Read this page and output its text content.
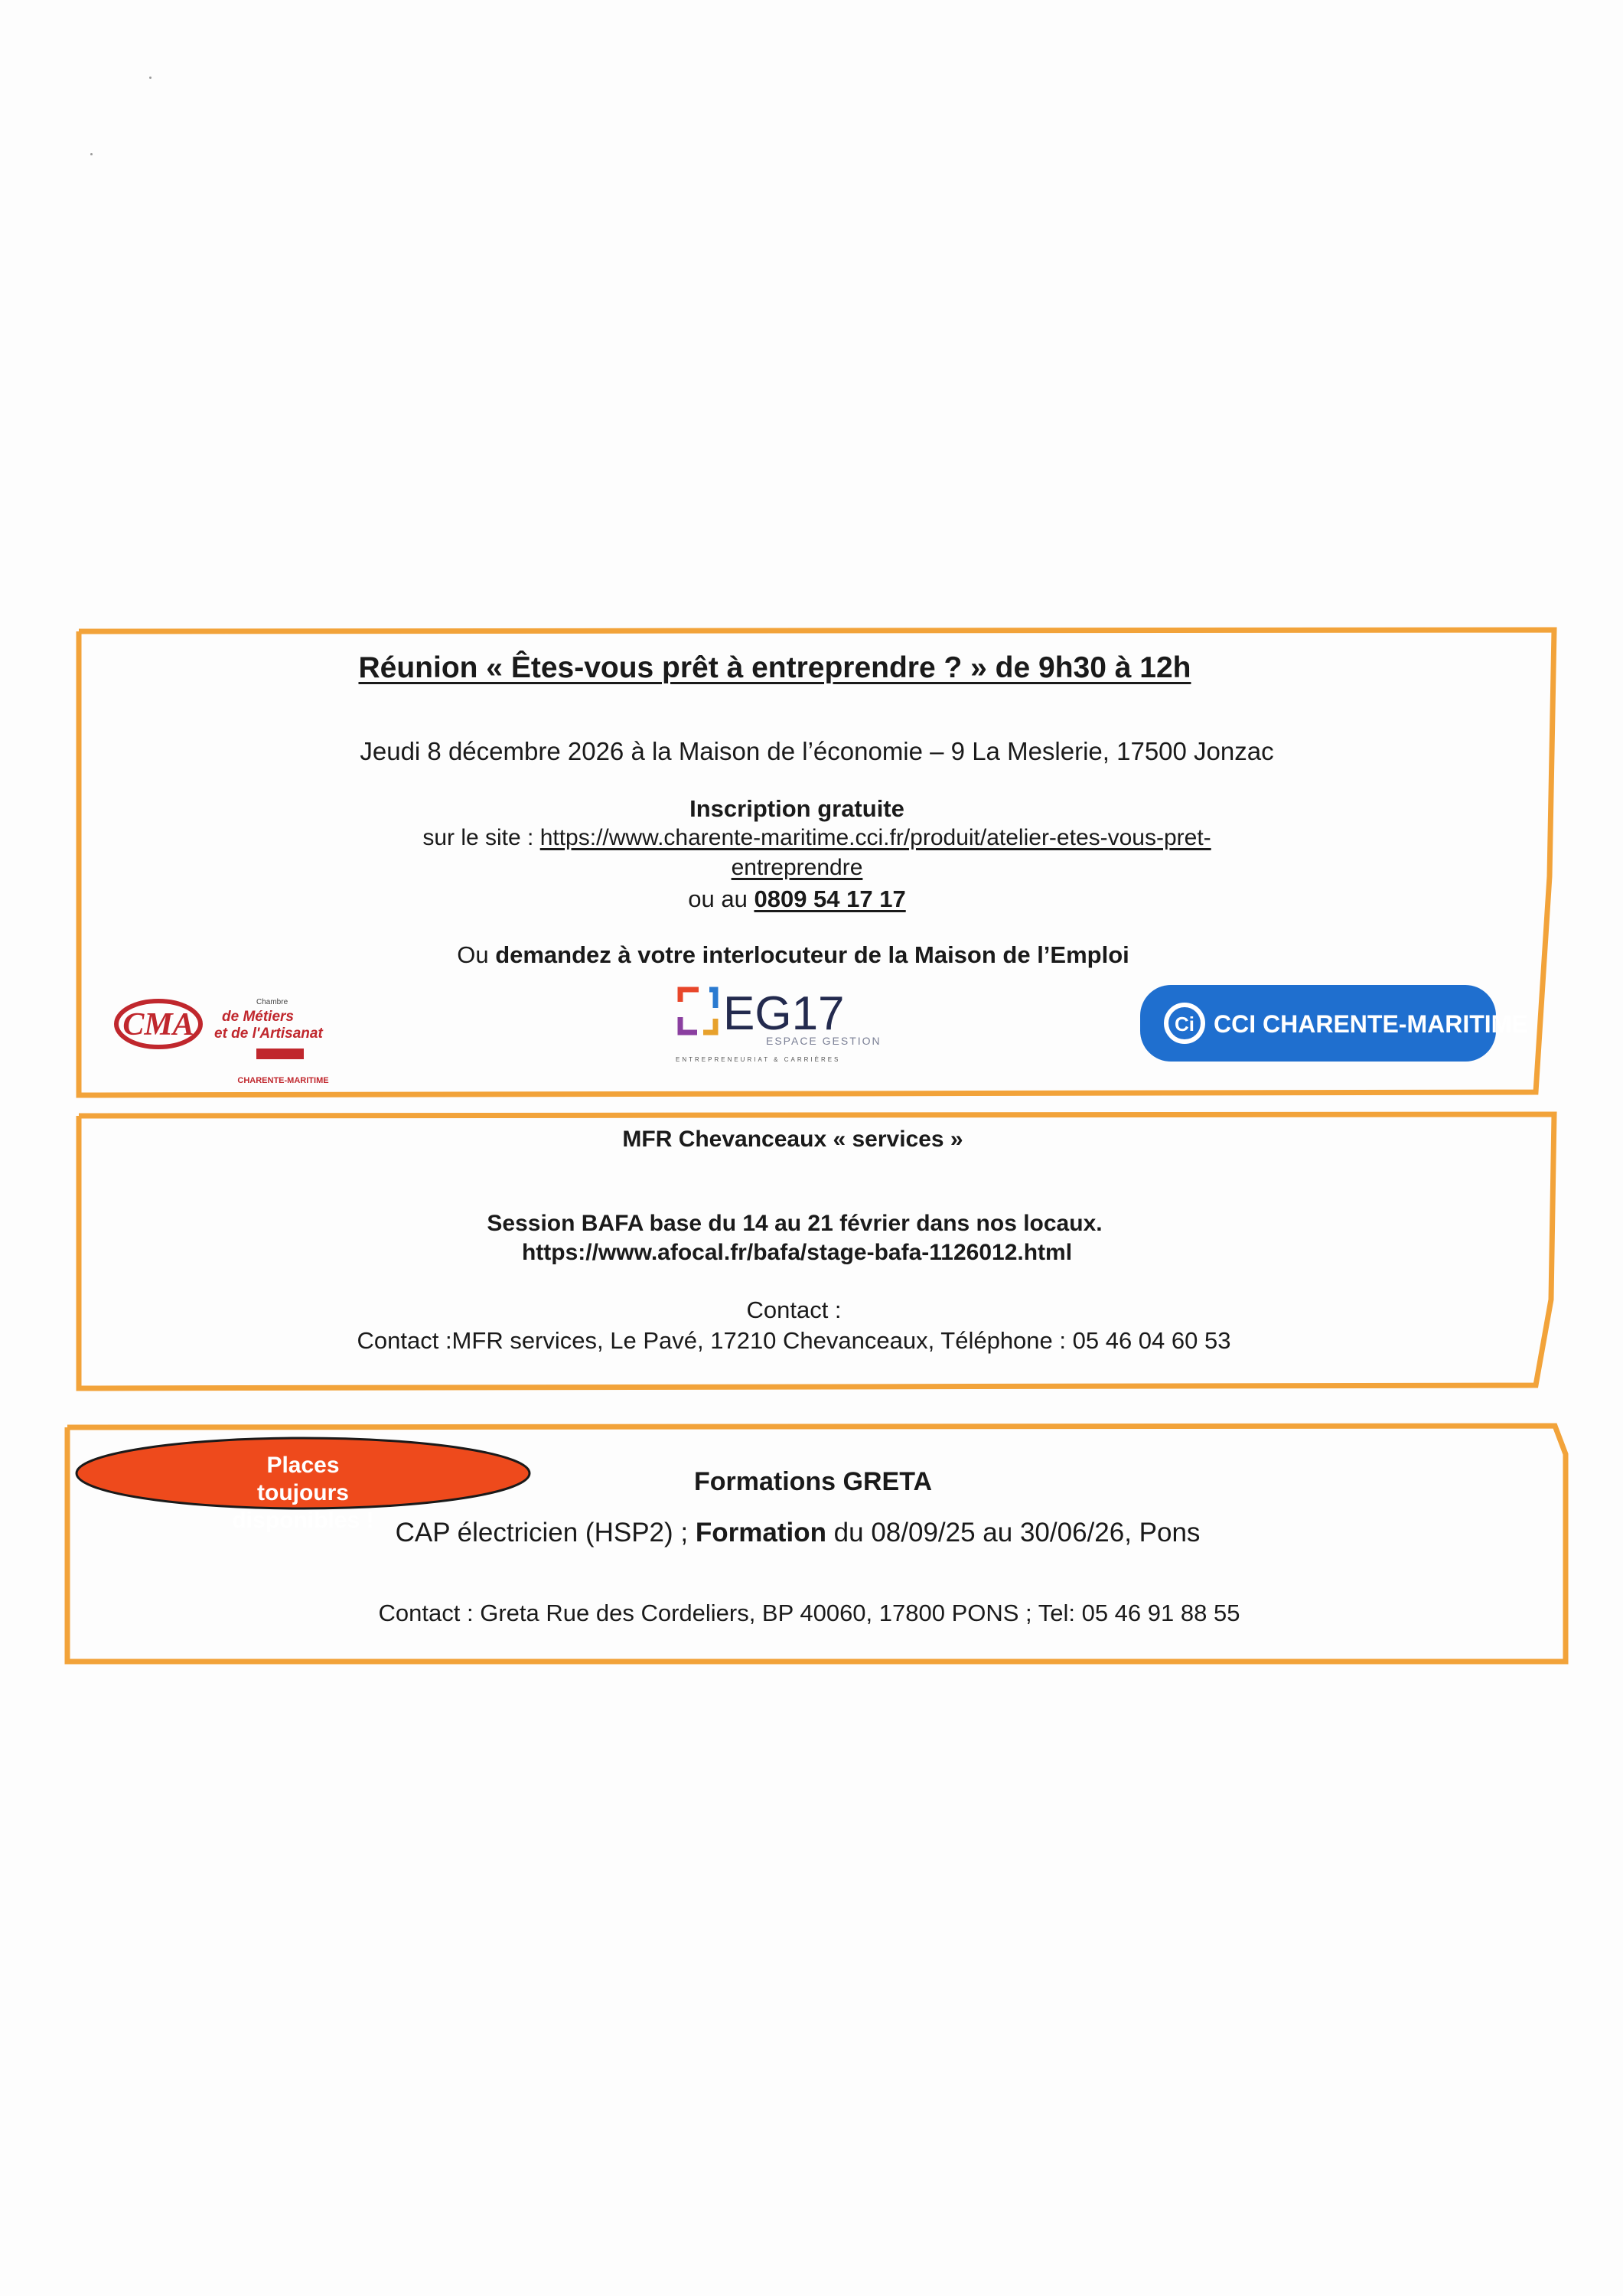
Réunion « Êtes-vous prêt à entreprendre ? » de 9h30 à 12h
Jeudi 8 décembre 2026 à la Maison de l’économie – 9 La Meslerie, 17500 Jonzac
Inscription gratuite
sur le site : https://www.charente-maritime.cci.fr/produit/atelier-etes-vous-pret-
entreprendre
ou au 0809 54 17 17
Ou demandez à votre interlocuteur de la Maison de l’Emploi
CMA
Chambre
de Métiers
et de l'Artisanat
CHARENTE-MARITIME
EG17
ESPACE GESTION
ENTREPRENEURIAT & CARRIÈRES
Ci CCI CHARENTE-MARITIME
MFR Chevanceaux « services »
Session BAFA base du 14 au 21 février dans nos locaux.
https://www.afocal.fr/bafa/stage-bafa-1126012.html
Contact :
Contact :MFR services, Le Pavé, 17210 Chevanceaux, Téléphone : 05 46 04 60 53
Places toujours disponibles !
Formations GRETA
CAP électricien (HSP2) ; Formation du 08/09/25 au 30/06/26, Pons
Contact : Greta Rue des Cordeliers, BP 40060, 17800 PONS ; Tel: 05 46 91 88 55
